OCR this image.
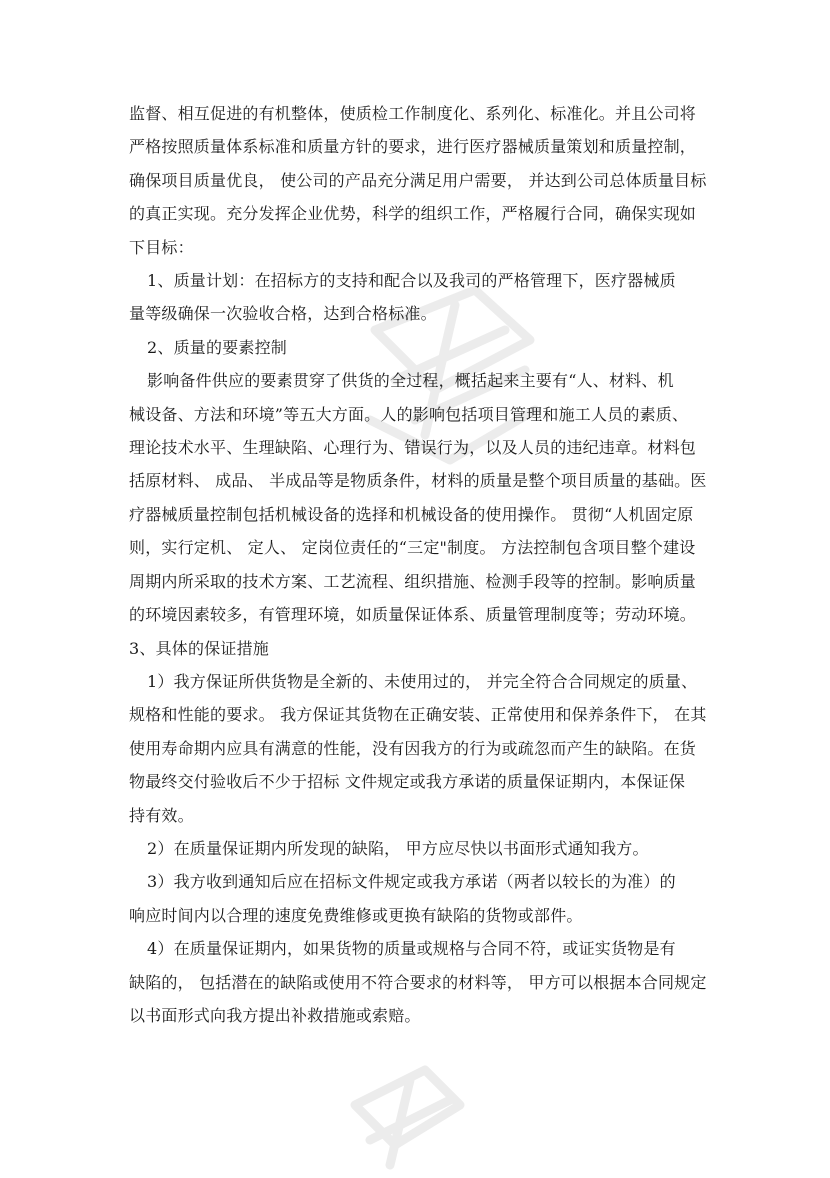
监督、相互促进的有机整体，使质检工作制度化、系列化、标准化。并且公司将

严格按照质量体系标准和质量方针的要求，进行医疗器械质量策划和质量控制，

确保项目质量优良， 使公司的产品充分满足用户需要， 并达到公司总体质量目标

的真正实现。充分发挥企业优势，科学的组织工作，严格履行合同，确保实现如

下目标：

1、质量计划：在招标方的支持和配合以及我司的严格管理下，医疗器械质

量等级确保一次验收合格，达到合格标准。

2、质量的要素控制

影响备件供应的要素贯穿了供货的全过程，概括起来主要有“人、材料、机

械设备、方法和环境”等五大方面。人的影响包括项目管理和施工人员的素质、

理论技术水平、生理缺陷、心理行为、错误行为，以及人员的违纪违章。材料包

括原材料、 成品、 半成品等是物质条件，材料的质量是整个项目质量的基础。医

疗器械质量控制包括机械设备的选择和机械设备的使用操作。 贯彻“人机固定原

则，实行定机、 定人、 定岗位责任的“三定"制度。 方法控制包含项目整个建设

周期内所采取的技术方案、工艺流程、组织措施、检测手段等的控制。影响质量

的环境因素较多，有管理环境，如质量保证体系、质量管理制度等；劳动环境。

3、具体的保证措施

1）我方保证所供货物是全新的、未使用过的， 并完全符合合同规定的质量、

规格和性能的要求。 我方保证其货物在正确安装、正常使用和保养条件下， 在其

使用寿命期内应具有满意的性能，没有因我方的行为或疏忽而产生的缺陷。在货

物最终交付验收后不少于招标 文件规定或我方承诺的质量保证期内，本保证保

持有效。

2）在质量保证期内所发现的缺陷， 甲方应尽快以书面形式通知我方。

3）我方收到通知后应在招标文件规定或我方承诺（两者以较长的为准）的

响应时间内以合理的速度免费维修或更换有缺陷的货物或部件。

4）在质量保证期内，如果货物的质量或规格与合同不符，或证实货物是有

缺陷的， 包括潜在的缺陷或使用不符合要求的材料等， 甲方可以根据本合同规定

以书面形式向我方提出补救措施或索赔。
